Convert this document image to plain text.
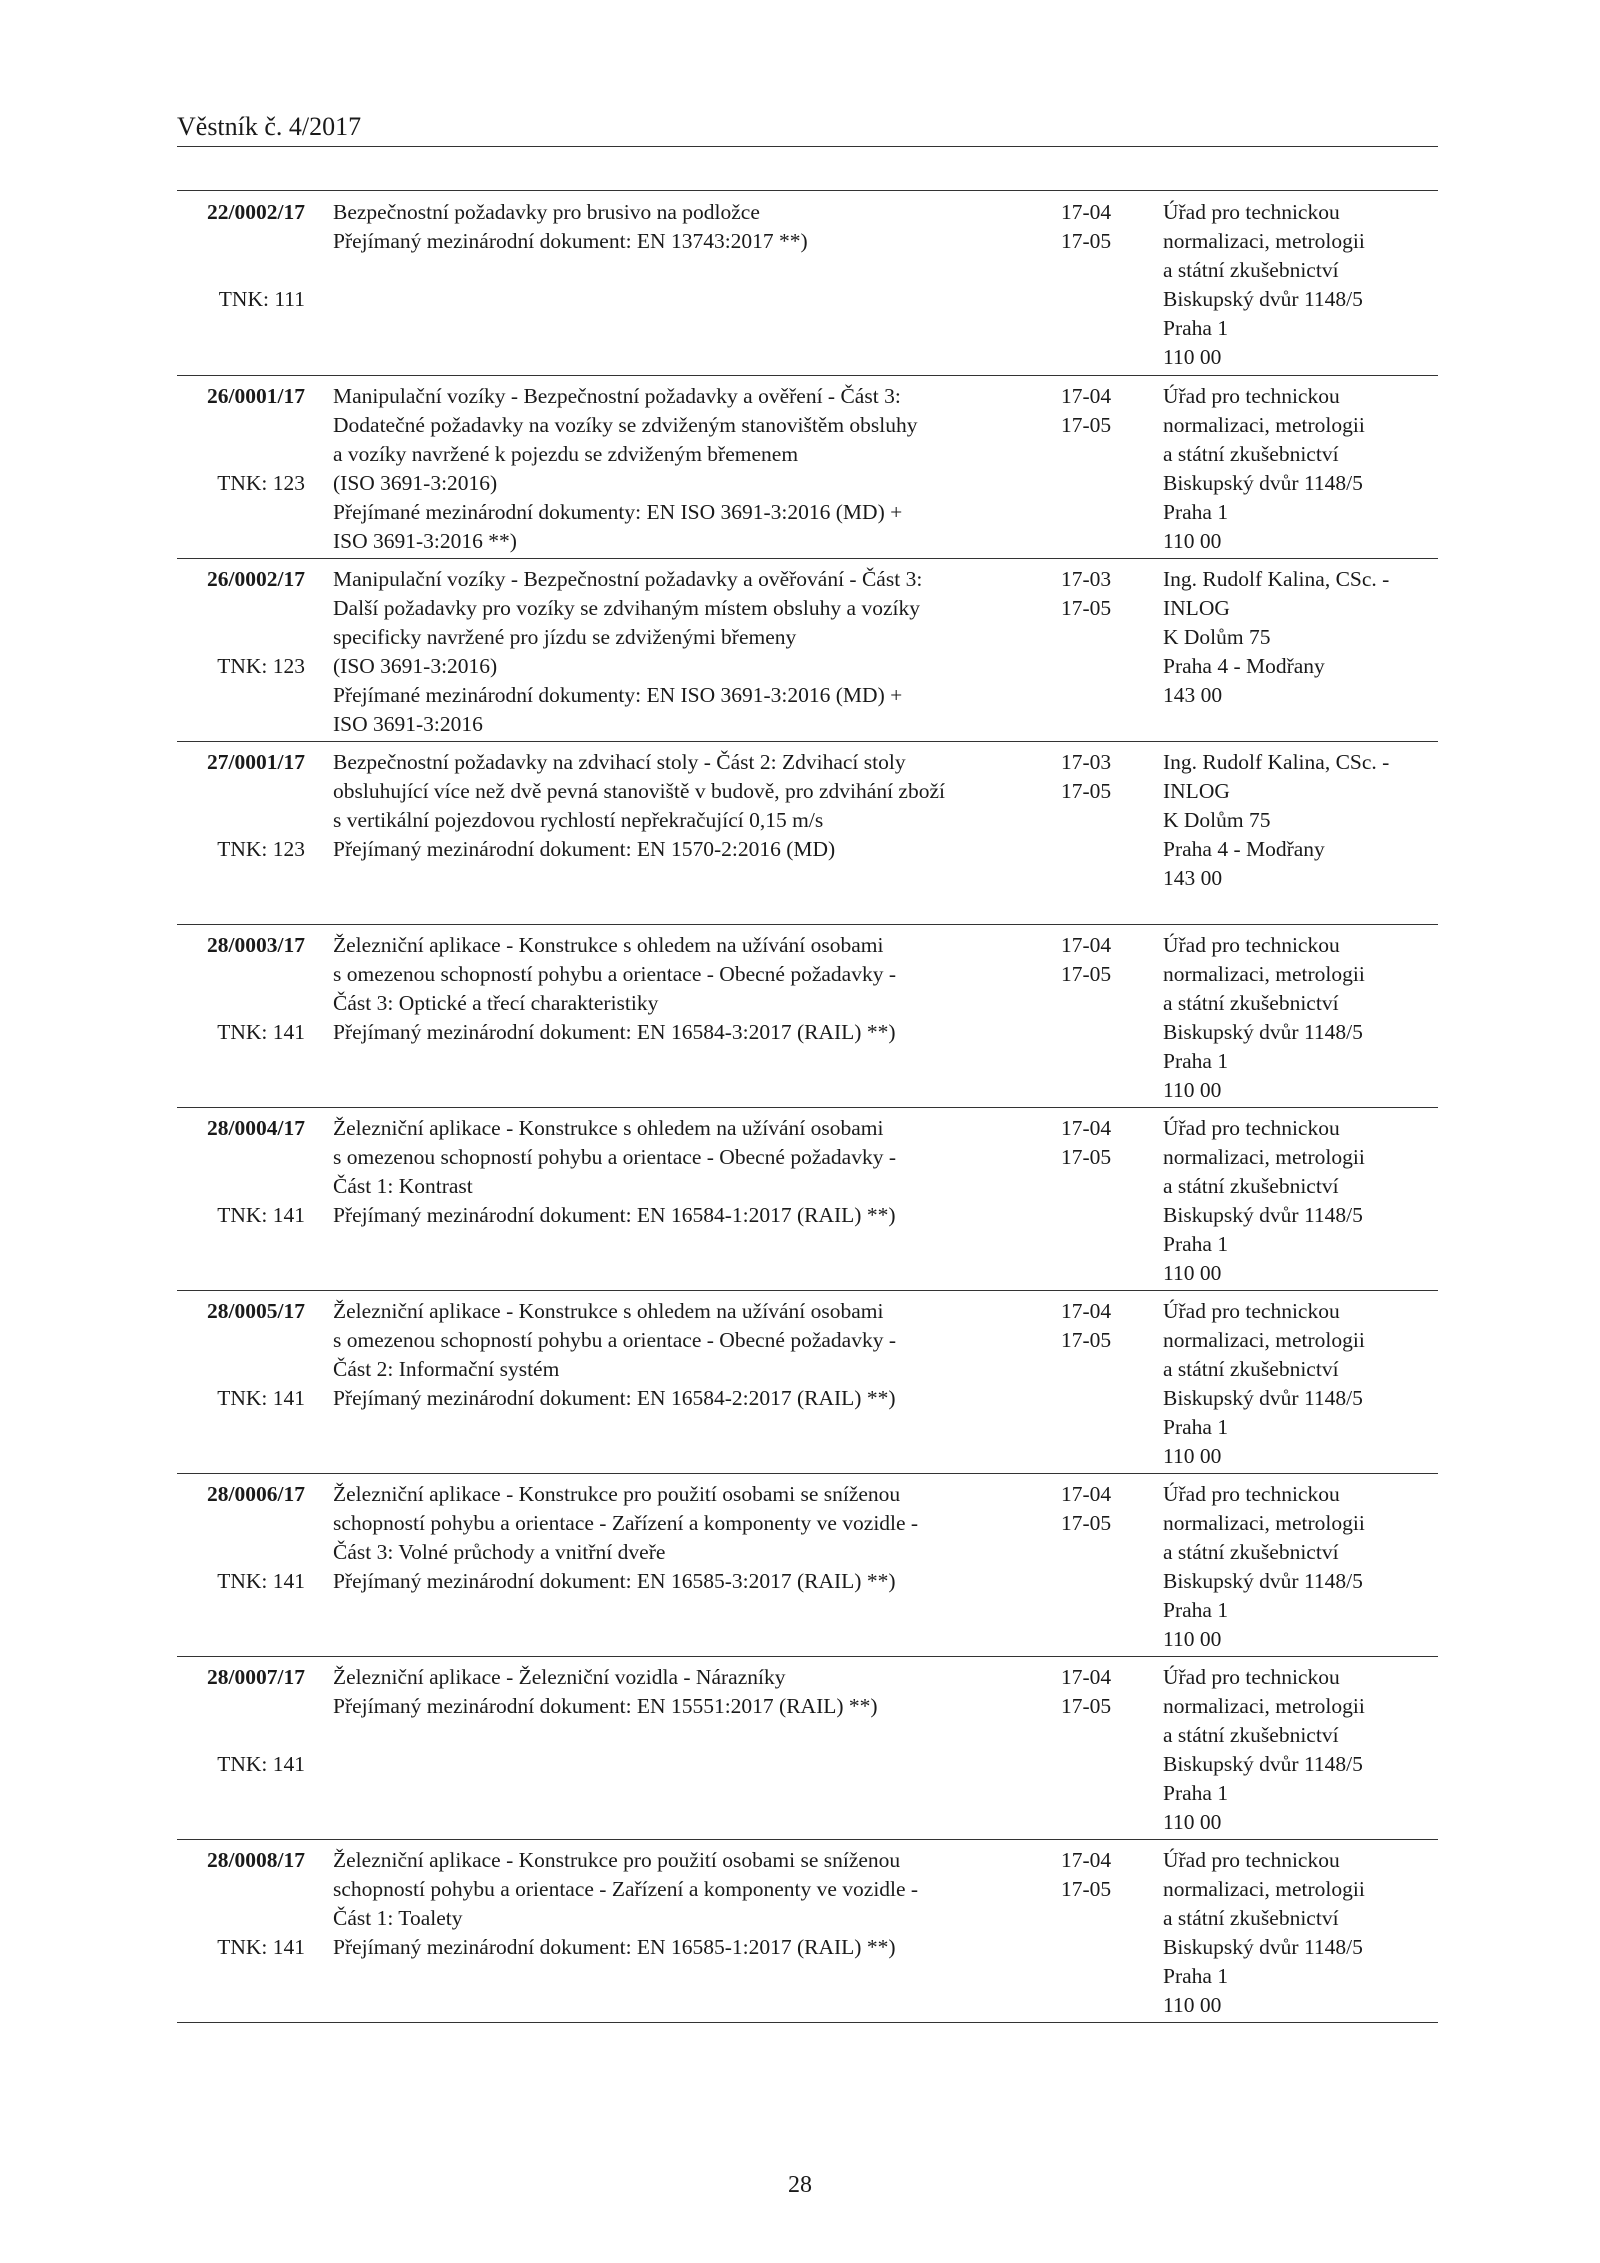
Věstník č. 4/2017
22/0002/17
TNK: 111
Bezpečnostní požadavky pro brusivo na podložce
Přejímaný mezinárodní dokument: EN 13743:2017 **)
17-04
17-05
Úřad pro technickou
normalizaci, metrologii
a státní zkušebnictví
Biskupský dvůr 1148/5
Praha 1
110 00
26/0001/17
TNK: 123
Manipulační vozíky - Bezpečnostní požadavky a ověření - Část 3:
Dodatečné požadavky na vozíky se zdviženým stanovištěm obsluhy
a vozíky navržené k pojezdu se zdviženým břemenem
(ISO 3691-3:2016)
Přejímané mezinárodní dokumenty: EN ISO 3691-3:2016 (MD) +
ISO 3691-3:2016 **)
17-04
17-05
Úřad pro technickou
normalizaci, metrologii
a státní zkušebnictví
Biskupský dvůr 1148/5
Praha 1
110 00
26/0002/17
TNK: 123
Manipulační vozíky - Bezpečnostní požadavky a ověřování - Část 3:
Další požadavky pro vozíky se zdvihaným místem obsluhy a vozíky
specificky navržené pro jízdu se zdviženými břemeny
(ISO 3691-3:2016)
Přejímané mezinárodní dokumenty: EN ISO 3691-3:2016 (MD) +
ISO 3691-3:2016
17-03
17-05
Ing. Rudolf Kalina, CSc. -
INLOG
K Dolům 75
Praha 4 - Modřany
143 00
27/0001/17
TNK: 123
Bezpečnostní požadavky na zdvihací stoly - Část 2: Zdvihací stoly
obsluhující více než dvě pevná stanoviště v budově, pro zdvihání zboží
s vertikální pojezdovou rychlostí nepřekračující 0,15 m/s
Přejímaný mezinárodní dokument: EN 1570-2:2016 (MD)
17-03
17-05
Ing. Rudolf Kalina, CSc. -
INLOG
K Dolům 75
Praha 4 - Modřany
143 00
28/0003/17
TNK: 141
Železniční aplikace - Konstrukce s ohledem na užívání osobami
s omezenou schopností pohybu a orientace - Obecné požadavky -
Část 3: Optické a třecí charakteristiky
Přejímaný mezinárodní dokument: EN 16584-3:2017 (RAIL) **)
17-04
17-05
Úřad pro technickou
normalizaci, metrologii
a státní zkušebnictví
Biskupský dvůr 1148/5
Praha 1
110 00
28/0004/17
TNK: 141
Železniční aplikace - Konstrukce s ohledem na užívání osobami
s omezenou schopností pohybu a orientace - Obecné požadavky -
Část 1: Kontrast
Přejímaný mezinárodní dokument: EN 16584-1:2017 (RAIL) **)
17-04
17-05
Úřad pro technickou
normalizaci, metrologii
a státní zkušebnictví
Biskupský dvůr 1148/5
Praha 1
110 00
28/0005/17
TNK: 141
Železniční aplikace - Konstrukce s ohledem na užívání osobami
s omezenou schopností pohybu a orientace - Obecné požadavky -
Část 2: Informační systém
Přejímaný mezinárodní dokument: EN 16584-2:2017 (RAIL) **)
17-04
17-05
Úřad pro technickou
normalizaci, metrologii
a státní zkušebnictví
Biskupský dvůr 1148/5
Praha 1
110 00
28/0006/17
TNK: 141
Železniční aplikace - Konstrukce pro použití osobami se sníženou
schopností pohybu a orientace - Zařízení a komponenty ve vozidle -
Část 3: Volné průchody a vnitřní dveře
Přejímaný mezinárodní dokument: EN 16585-3:2017 (RAIL) **)
17-04
17-05
Úřad pro technickou
normalizaci, metrologii
a státní zkušebnictví
Biskupský dvůr 1148/5
Praha 1
110 00
28/0007/17
TNK: 141
Železniční aplikace - Železniční vozidla - Nárazníky
Přejímaný mezinárodní dokument: EN 15551:2017 (RAIL) **)
17-04
17-05
Úřad pro technickou
normalizaci, metrologii
a státní zkušebnictví
Biskupský dvůr 1148/5
Praha 1
110 00
28/0008/17
TNK: 141
Železniční aplikace - Konstrukce pro použití osobami se sníženou
schopností pohybu a orientace - Zařízení a komponenty ve vozidle -
Část 1: Toalety
Přejímaný mezinárodní dokument: EN 16585-1:2017 (RAIL) **)
17-04
17-05
Úřad pro technickou
normalizaci, metrologii
a státní zkušebnictví
Biskupský dvůr 1148/5
Praha 1
110 00
28
